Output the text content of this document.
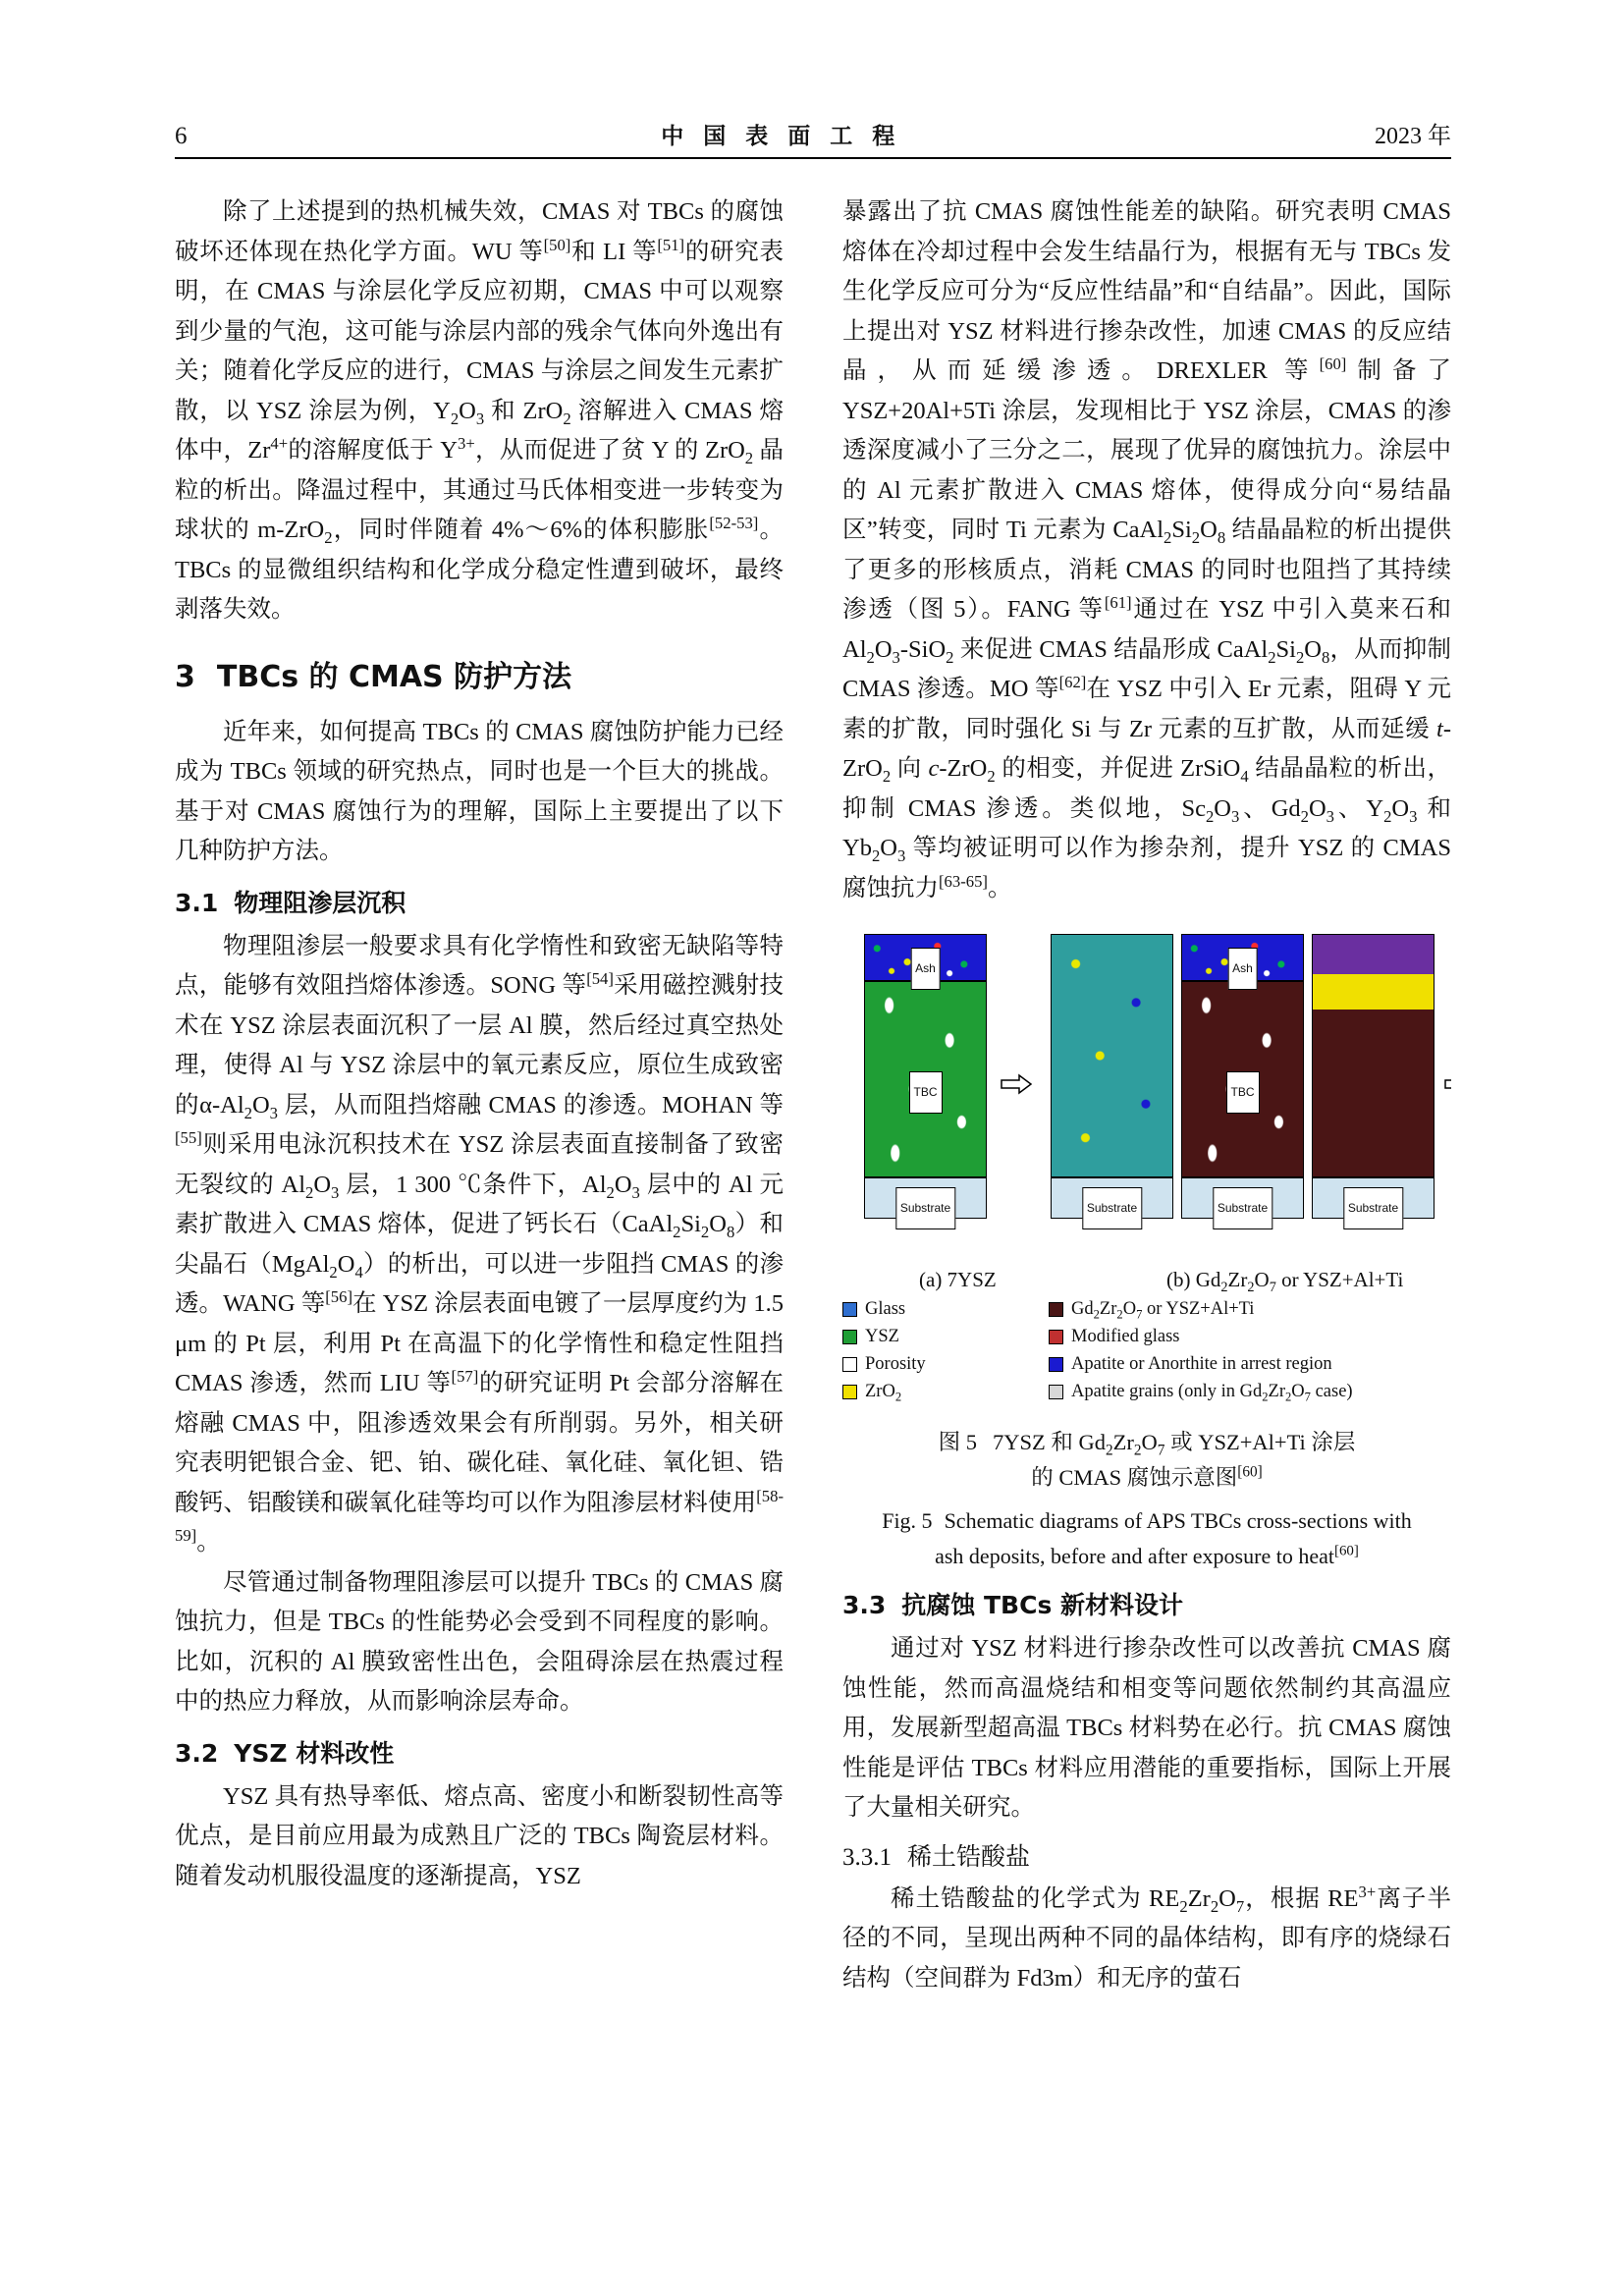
6	中 国 表 面 工 程	2023 年

除了上述提到的热机械失效，CMAS 对 TBCs 的腐蚀破坏还体现在热化学方面。WU 等[50]和 LI 等[51]的研究表明，在 CMAS 与涂层化学反应初期，CMAS 中可以观察到少量的气泡，这可能与涂层内部的残余气体向外逸出有关；随着化学反应的进行，CMAS 与涂层之间发生元素扩散，以 YSZ 涂层为例，$Y_2O_3$ 和 ZrO$_2$ 溶解进入 CMAS 熔体中，$Zr^{4+}$的溶解度低于 $Y^{3+}$，从而促进了贫 Y 的 ZrO$_2$ 晶粒的析出。降温过程中，其通过马氏体相变进一步转变为球状的 m-ZrO$_2$，同时伴随着 4%～6%的体积膨胀[52-53]。TBCs 的显微组织结构和化学成分稳定性遭到破坏，最终剥落失效。

3 TBCs 的 CMAS 防护方法

近年来，如何提高 TBCs 的 CMAS 腐蚀防护能力已经成为 TBCs 领域的研究热点，同时也是一个巨大的挑战。基于对 CMAS 腐蚀行为的理解，国际上主要提出了以下几种防护方法。

3.1 物理阻渗层沉积

物理阻渗层一般要求具有化学惰性和致密无缺陷等特点，能够有效阻挡熔体渗透。SONG 等[54]采用磁控溅射技术在 YSZ 涂层表面沉积了一层 Al 膜，然后经过真空热处理，使得 Al 与 YSZ 涂层中的氧元素反应，原位生成致密的$\alpha-Al_2O_3$ 层，从而阻挡熔融 CMAS 的渗透。MOHAN 等[55]则采用电泳沉积技术在 YSZ 涂层表面直接制备了致密无裂纹的 $Al_2O_3$ 层，1 300 ℃条件下，$Al_2O_3$ 层中的 Al 元素扩散进入 CMAS 熔体，促进了钙长石$(CaAl_2Si_2O_8)$和尖晶石$(MgAl_2O_4)$的析出，可以进一步阻挡 CMAS 的渗透。WANG 等[56]在 YSZ 涂层表面电镀了一层厚度约为 1.5 μm 的 Pt 层，利用 Pt 在高温下的化学惰性和稳定性阻挡 CMAS 渗透，然而 LIU 等[57]的研究证明 Pt 会部分溶解在熔融 CMAS 中，阻渗透效果会有所削弱。另外，相关研究表明钯银合金、钯、铂、碳化硅、氧化硅、氧化钽、锆酸钙、铝酸镁和碳氧化硅等均可以作为阻渗层材料使用[58-59]。

尽管通过制备物理阻渗层可以提升 TBCs 的 CMAS 腐蚀抗力，但是 TBCs 的性能势必会受到不同程度的影响。比如，沉积的 Al 膜致密性出色，会阻碍涂层在热震过程中的热应力释放，从而影响涂层寿命。

3.2 YSZ 材料改性

YSZ 具有热导率低、熔点高、密度小和断裂韧性高等优点，是目前应用最为成熟且广泛的 TBCs 陶瓷层材料。随着发动机服役温度的逐渐提高，YSZ

暴露出了抗 CMAS 腐蚀性能差的缺陷。研究表明 CMAS 熔体在冷却过程中会发生结晶行为，根据有无与 TBCs 发生化学反应可分为“反应性结晶”和“自结晶”。因此，国际上提出对 YSZ 材料进行掺杂改性，加速 CMAS 的反应结晶，从而延缓渗透。DREXLER 等[60]制备了 YSZ+20Al+5Ti 涂层，发现相比于 YSZ 涂层，CMAS 的渗透深度减小了三分之二，展现了优异的腐蚀抗力。涂层中的 Al 元素扩散进入 CMAS 熔体，使得成分向“易结晶区”转变，同时 Ti 元素为 $CaAl_2Si_2O_8$ 结晶晶粒的析出提供了更多的形核质点，消耗 CMAS 的同时也阻挡了其持续渗透（图 5）。FANG 等[61]通过在 YSZ 中引入莫来石和 $Al_2O_3-SiO_2$ 来促进 CMAS 结晶形成 $CaAl_2Si_2O_8$，从而抑制 CMAS 渗透。MO 等[62]在 YSZ 中引入 Er 元素，阻碍 Y 元素的扩散，同时强化 Si 与 Zr 元素的互扩散，从而延缓 t-ZrO$_2$ 向 c-ZrO$_2$ 的相变，并促进 ZrSiO$_4$ 结晶晶粒的析出，抑制 CMAS 渗透。类似地，$Sc_2O_3$、$Gd_2O_3$、$Y_2O_3$ 和 $Yb_2O_3$ 等均被证明可以作为掺杂剂，提升 YSZ 的 CMAS 腐蚀抗力[63-65]。

Ash
TBC
Substrate	Substrate
Ash
TBC
Substrate	Substrate
(a) 7YSZ	(b) $Gd_2Zr_2O_7$ or YSZ+Al+Ti
Glass
YSZ
Porosity
ZrO$_2$
$Gd_2Zr_2O_7$ or YSZ+Al+Ti
Modified glass
Apatite or Anorthite in arrest region
Apatite grains (only in $Gd_2Zr_2O_7$ case)
图 5 7YSZ 和 $Gd_2Zr_2O_7$ 或 YSZ+Al+Ti 涂层
的 CMAS 腐蚀示意图[60]
Fig. 5 Schematic diagrams of APS TBCs cross-sections with
ash deposits, before and after exposure to heat[60]
3.3 抗腐蚀 TBCs 新材料设计

通过对 YSZ 材料进行掺杂改性可以改善抗 CMAS 腐蚀性能，然而高温烧结和相变等问题依然制约其高温应用，发展新型超高温 TBCs 材料势在必行。抗 CMAS 腐蚀性能是评估 TBCs 材料应用潜能的重要指标，国际上开展了大量相关研究。

3.3.1 稀土锆酸盐

稀土锆酸盐的化学式为 $RE_2Zr_2O_7$，根据 $RE^{3+}$离子半径的不同，呈现出两种不同的晶体结构，即有序的烧绿石结构（空间群为 Fd3m）和无序的萤石
